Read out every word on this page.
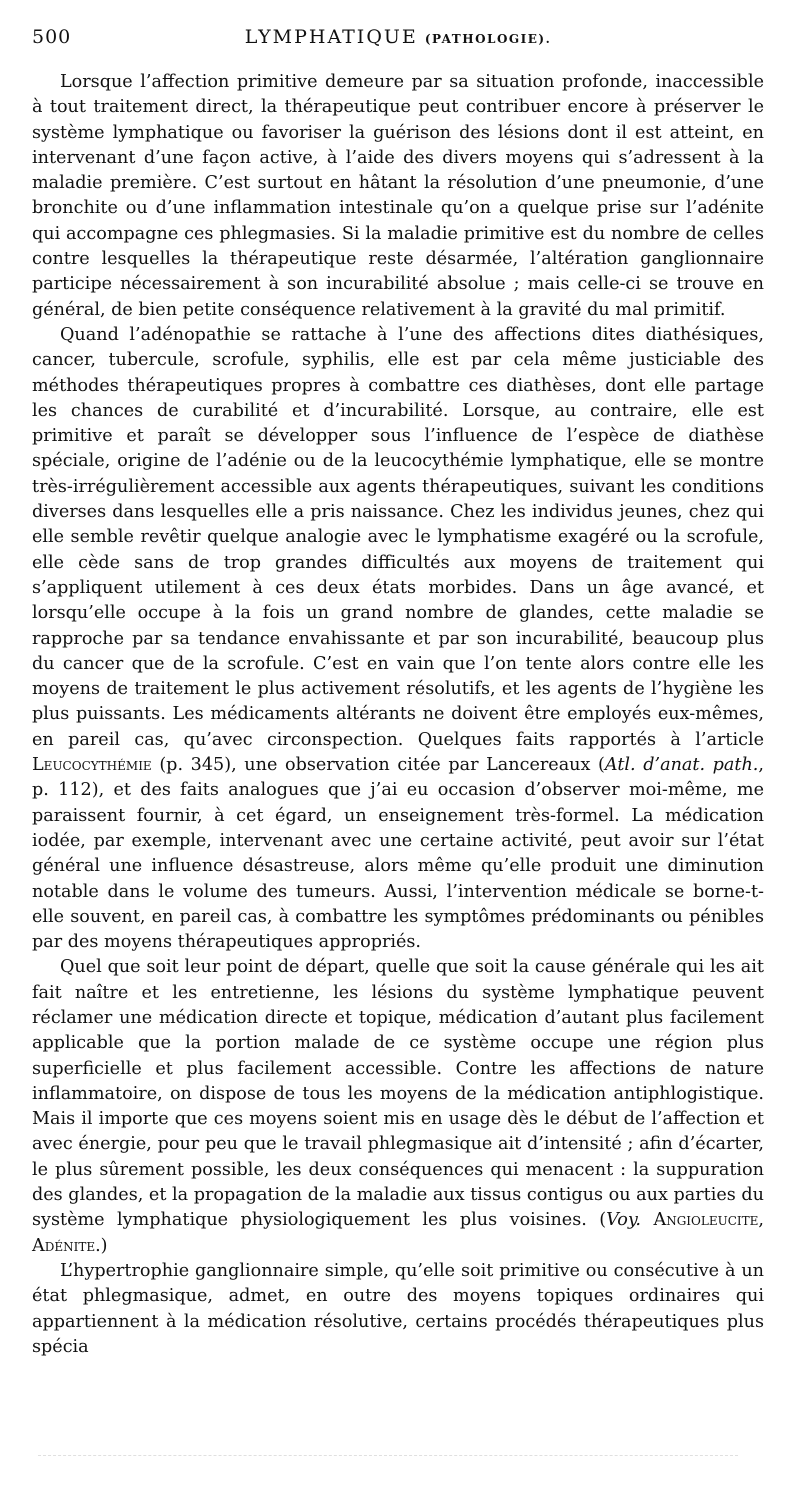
500	LYMPHATIQUE (PATHOLOGIE).

Lorsque l’affection primitive demeure par sa situation profonde, inaccessible à tout traitement direct, la thérapeutique peut contribuer encore à préserver le système lymphatique ou favoriser la guérison des lésions dont il est atteint, en intervenant d’une façon active, à l’aide des divers moyens qui s’adressent à la maladie première. C’est surtout en hâtant la résolution d’une pneumonie, d’une bronchite ou d’une inflammation intestinale qu’on a quelque prise sur l’adénite qui accompagne ces phlegmasies. Si la maladie primitive est du nombre de celles contre lesquelles la thérapeutique reste désarmée, l’altération ganglionnaire participe nécessairement à son incurabilité absolue ; mais celle-ci se trouve en général, de bien petite conséquence relativement à la gravité du mal primitif.

Quand l’adénopathie se rattache à l’une des affections dites diathésiques, cancer, tubercule, scrofule, syphilis, elle est par cela même justiciable des méthodes thérapeutiques propres à combattre ces diathèses, dont elle partage les chances de curabilité et d’incurabilité. Lorsque, au contraire, elle est primitive et paraît se développer sous l’influence de l’espèce de diathèse spéciale, origine de l’adénie ou de la leucocythémie lymphatique, elle se montre très-irrégulièrement accessible aux agents thérapeutiques, suivant les conditions diverses dans lesquelles elle a pris naissance. Chez les individus jeunes, chez qui elle semble revêtir quelque analogie avec le lymphatisme exagéré ou la scrofule, elle cède sans de trop grandes difficultés aux moyens de traitement qui s’appliquent utilement à ces deux états morbides. Dans un âge avancé, et lorsqu’elle occupe à la fois un grand nombre de glandes, cette maladie se rapproche par sa tendance envahissante et par son incurabilité, beaucoup plus du cancer que de la scrofule. C’est en vain que l’on tente alors contre elle les moyens de traitement le plus activement résolutifs, et les agents de l’hygiène les plus puissants. Les médicaments altérants ne doivent être employés eux-mêmes, en pareil cas, qu’avec circonspection. Quelques faits rapportés à l’article Leucocythémie (p. 345), une observation citée par Lancereaux (Atl. d’anat. path., p. 112), et des faits analogues que j’ai eu occasion d’observer moi-même, me paraissent fournir, à cet égard, un enseignement très-formel. La médication iodée, par exemple, intervenant avec une certaine activité, peut avoir sur l’état général une influence désastreuse, alors même qu’elle produit une diminution notable dans le volume des tumeurs. Aussi, l’intervention médicale se borne-t-elle souvent, en pareil cas, à combattre les symptômes prédominants ou pénibles par des moyens thérapeutiques appropriés.

Quel que soit leur point de départ, quelle que soit la cause générale qui les ait fait naître et les entretienne, les lésions du système lymphatique peuvent réclamer une médication directe et topique, médication d’autant plus facilement applicable que la portion malade de ce système occupe une région plus superficielle et plus facilement accessible. Contre les affections de nature inflammatoire, on dispose de tous les moyens de la médication antiphlogistique. Mais il importe que ces moyens soient mis en usage dès le début de l’affection et avec énergie, pour peu que le travail phlegmasique ait d’intensité ; afin d’écarter, le plus sûrement possible, les deux conséquences qui menacent : la suppuration des glandes, et la propagation de la maladie aux tissus contigus ou aux parties du système lymphatique physiologiquement les plus voisines. (Voy. Angioleucite, Adénite.)

L’hypertrophie ganglionnaire simple, qu’elle soit primitive ou consécutive à un état phlegmasique, admet, en outre des moyens topiques ordinaires qui appartiennent à la médication résolutive, certains procédés thérapeutiques plus spécia
